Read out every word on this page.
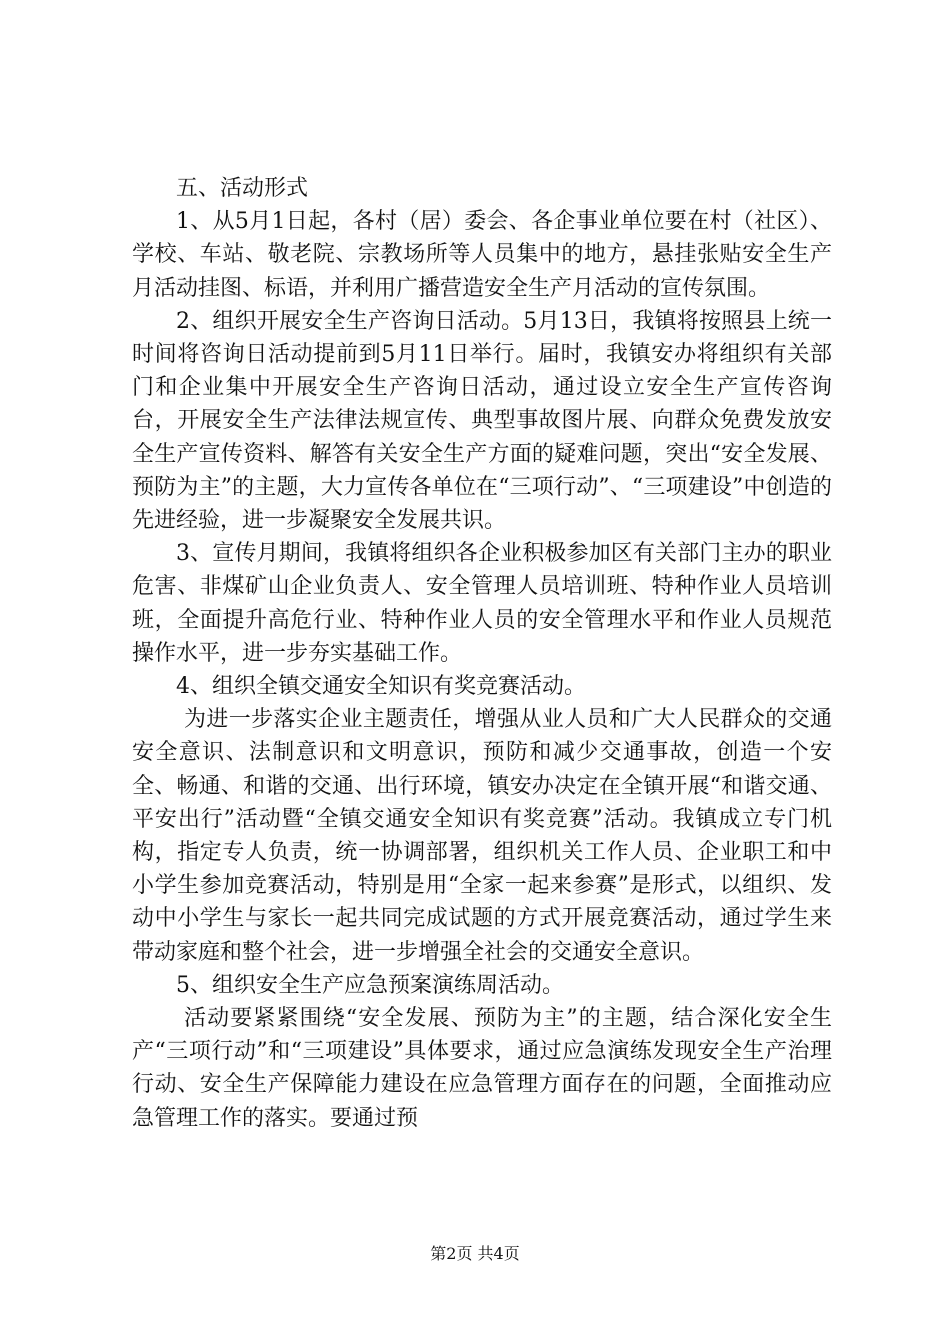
五、活动形式

1、从5月1日起，各村（居）委会、各企事业单位要在村（社区）、学校、车站、敬老院、宗教场所等人员集中的地方，悬挂张贴安全生产月活动挂图、标语，并利用广播营造安全生产月活动的宣传氛围。

2、组织开展安全生产咨询日活动。5月13日，我镇将按照县上统一时间将咨询日活动提前到5月11日举行。届时，我镇安办将组织有关部门和企业集中开展安全生产咨询日活动，通过设立安全生产宣传咨询台，开展安全生产法律法规宣传、典型事故图片展、向群众免费发放安全生产宣传资料、解答有关安全生产方面的疑难问题，突出“安全发展、预防为主”的主题，大力宣传各单位在“三项行动”、“三项建设”中创造的先进经验，进一步凝聚安全发展共识。

3、宣传月期间，我镇将组织各企业积极参加区有关部门主办的职业危害、非煤矿山企业负责人、安全管理人员培训班、特种作业人员培训班，全面提升高危行业、特种作业人员的安全管理水平和作业人员规范操作水平，进一步夯实基础工作。

4、组织全镇交通安全知识有奖竞赛活动。

为进一步落实企业主题责任，增强从业人员和广大人民群众的交通安全意识、法制意识和文明意识，预防和减少交通事故，创造一个安全、畅通、和谐的交通、出行环境，镇安办决定在全镇开展“和谐交通、平安出行”活动暨“全镇交通安全知识有奖竞赛”活动。我镇成立专门机构，指定专人负责，统一协调部署，组织机关工作人员、企业职工和中小学生参加竞赛活动，特别是用“全家一起来参赛”是形式，以组织、发动中小学生与家长一起共同完成试题的方式开展竞赛活动，通过学生来带动家庭和整个社会，进一步增强全社会的交通安全意识。

5、组织安全生产应急预案演练周活动。

活动要紧紧围绕“安全发展、预防为主”的主题，结合深化安全生产“三项行动”和“三项建设”具体要求，通过应急演练发现安全生产治理行动、安全生产保障能力建设在应急管理方面存在的问题，全面推动应急管理工作的落实。要通过预

第2页 共4页
